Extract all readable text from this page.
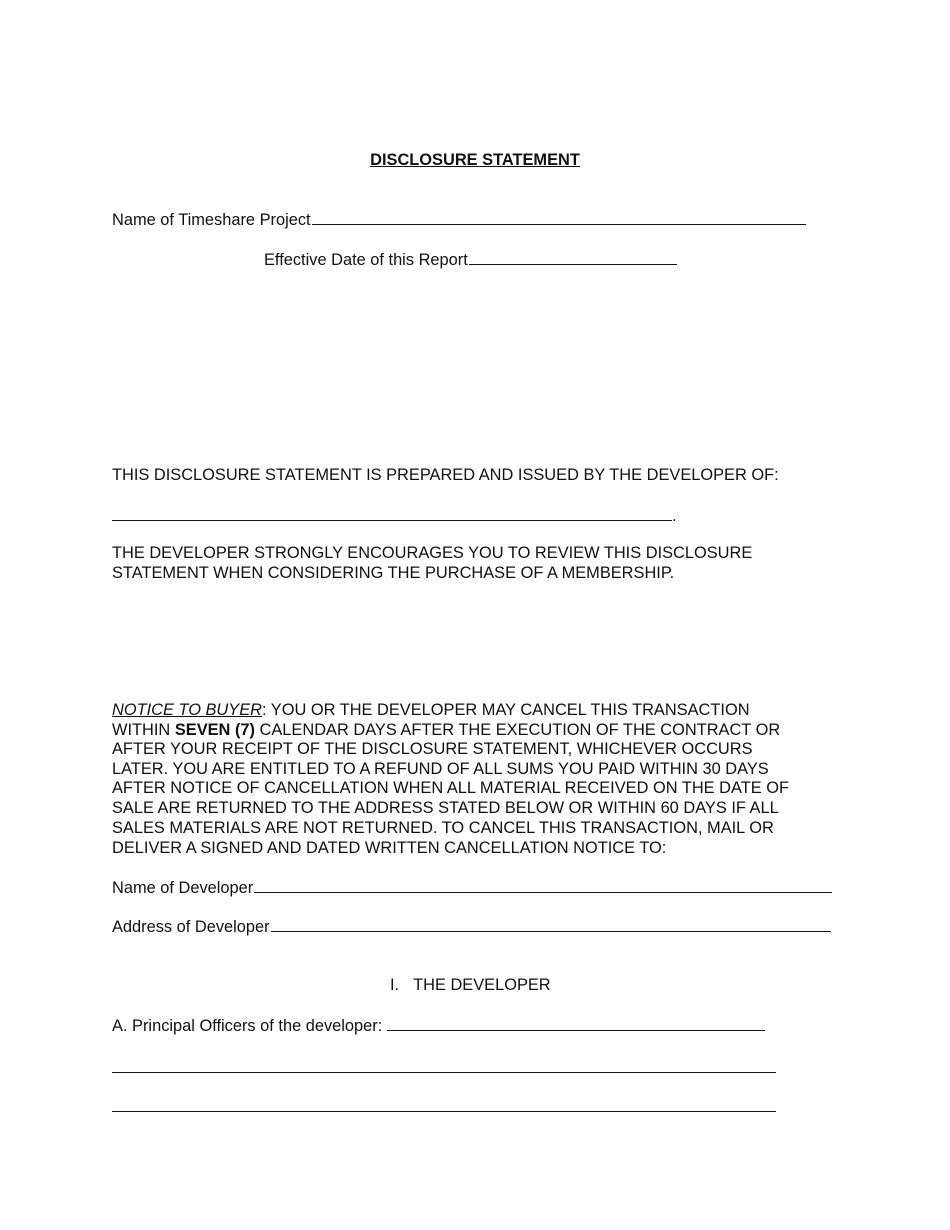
DISCLOSURE STATEMENT
Name of Timeshare Project
Effective Date of this Report
THIS DISCLOSURE STATEMENT IS PREPARED AND ISSUED BY THE DEVELOPER OF:
.
THE DEVELOPER STRONGLY ENCOURAGES YOU TO REVIEW THIS DISCLOSURE
STATEMENT WHEN CONSIDERING THE PURCHASE OF A MEMBERSHIP.
NOTICE TO BUYER: YOU OR THE DEVELOPER MAY CANCEL THIS TRANSACTION
WITHIN SEVEN (7) CALENDAR DAYS AFTER THE EXECUTION OF THE CONTRACT OR
AFTER YOUR RECEIPT OF THE DISCLOSURE STATEMENT, WHICHEVER OCCURS
LATER. YOU ARE ENTITLED TO A REFUND OF ALL SUMS YOU PAID WITHIN 30 DAYS
AFTER NOTICE OF CANCELLATION WHEN ALL MATERIAL RECEIVED ON THE DATE OF
SALE ARE RETURNED TO THE ADDRESS STATED BELOW OR WITHIN 60 DAYS IF ALL
SALES MATERIALS ARE NOT RETURNED. TO CANCEL THIS TRANSACTION, MAIL OR
DELIVER A SIGNED AND DATED WRITTEN CANCELLATION NOTICE TO:
Name of Developer
Address of Developer
I. THE DEVELOPER
A. Principal Officers of the developer:
